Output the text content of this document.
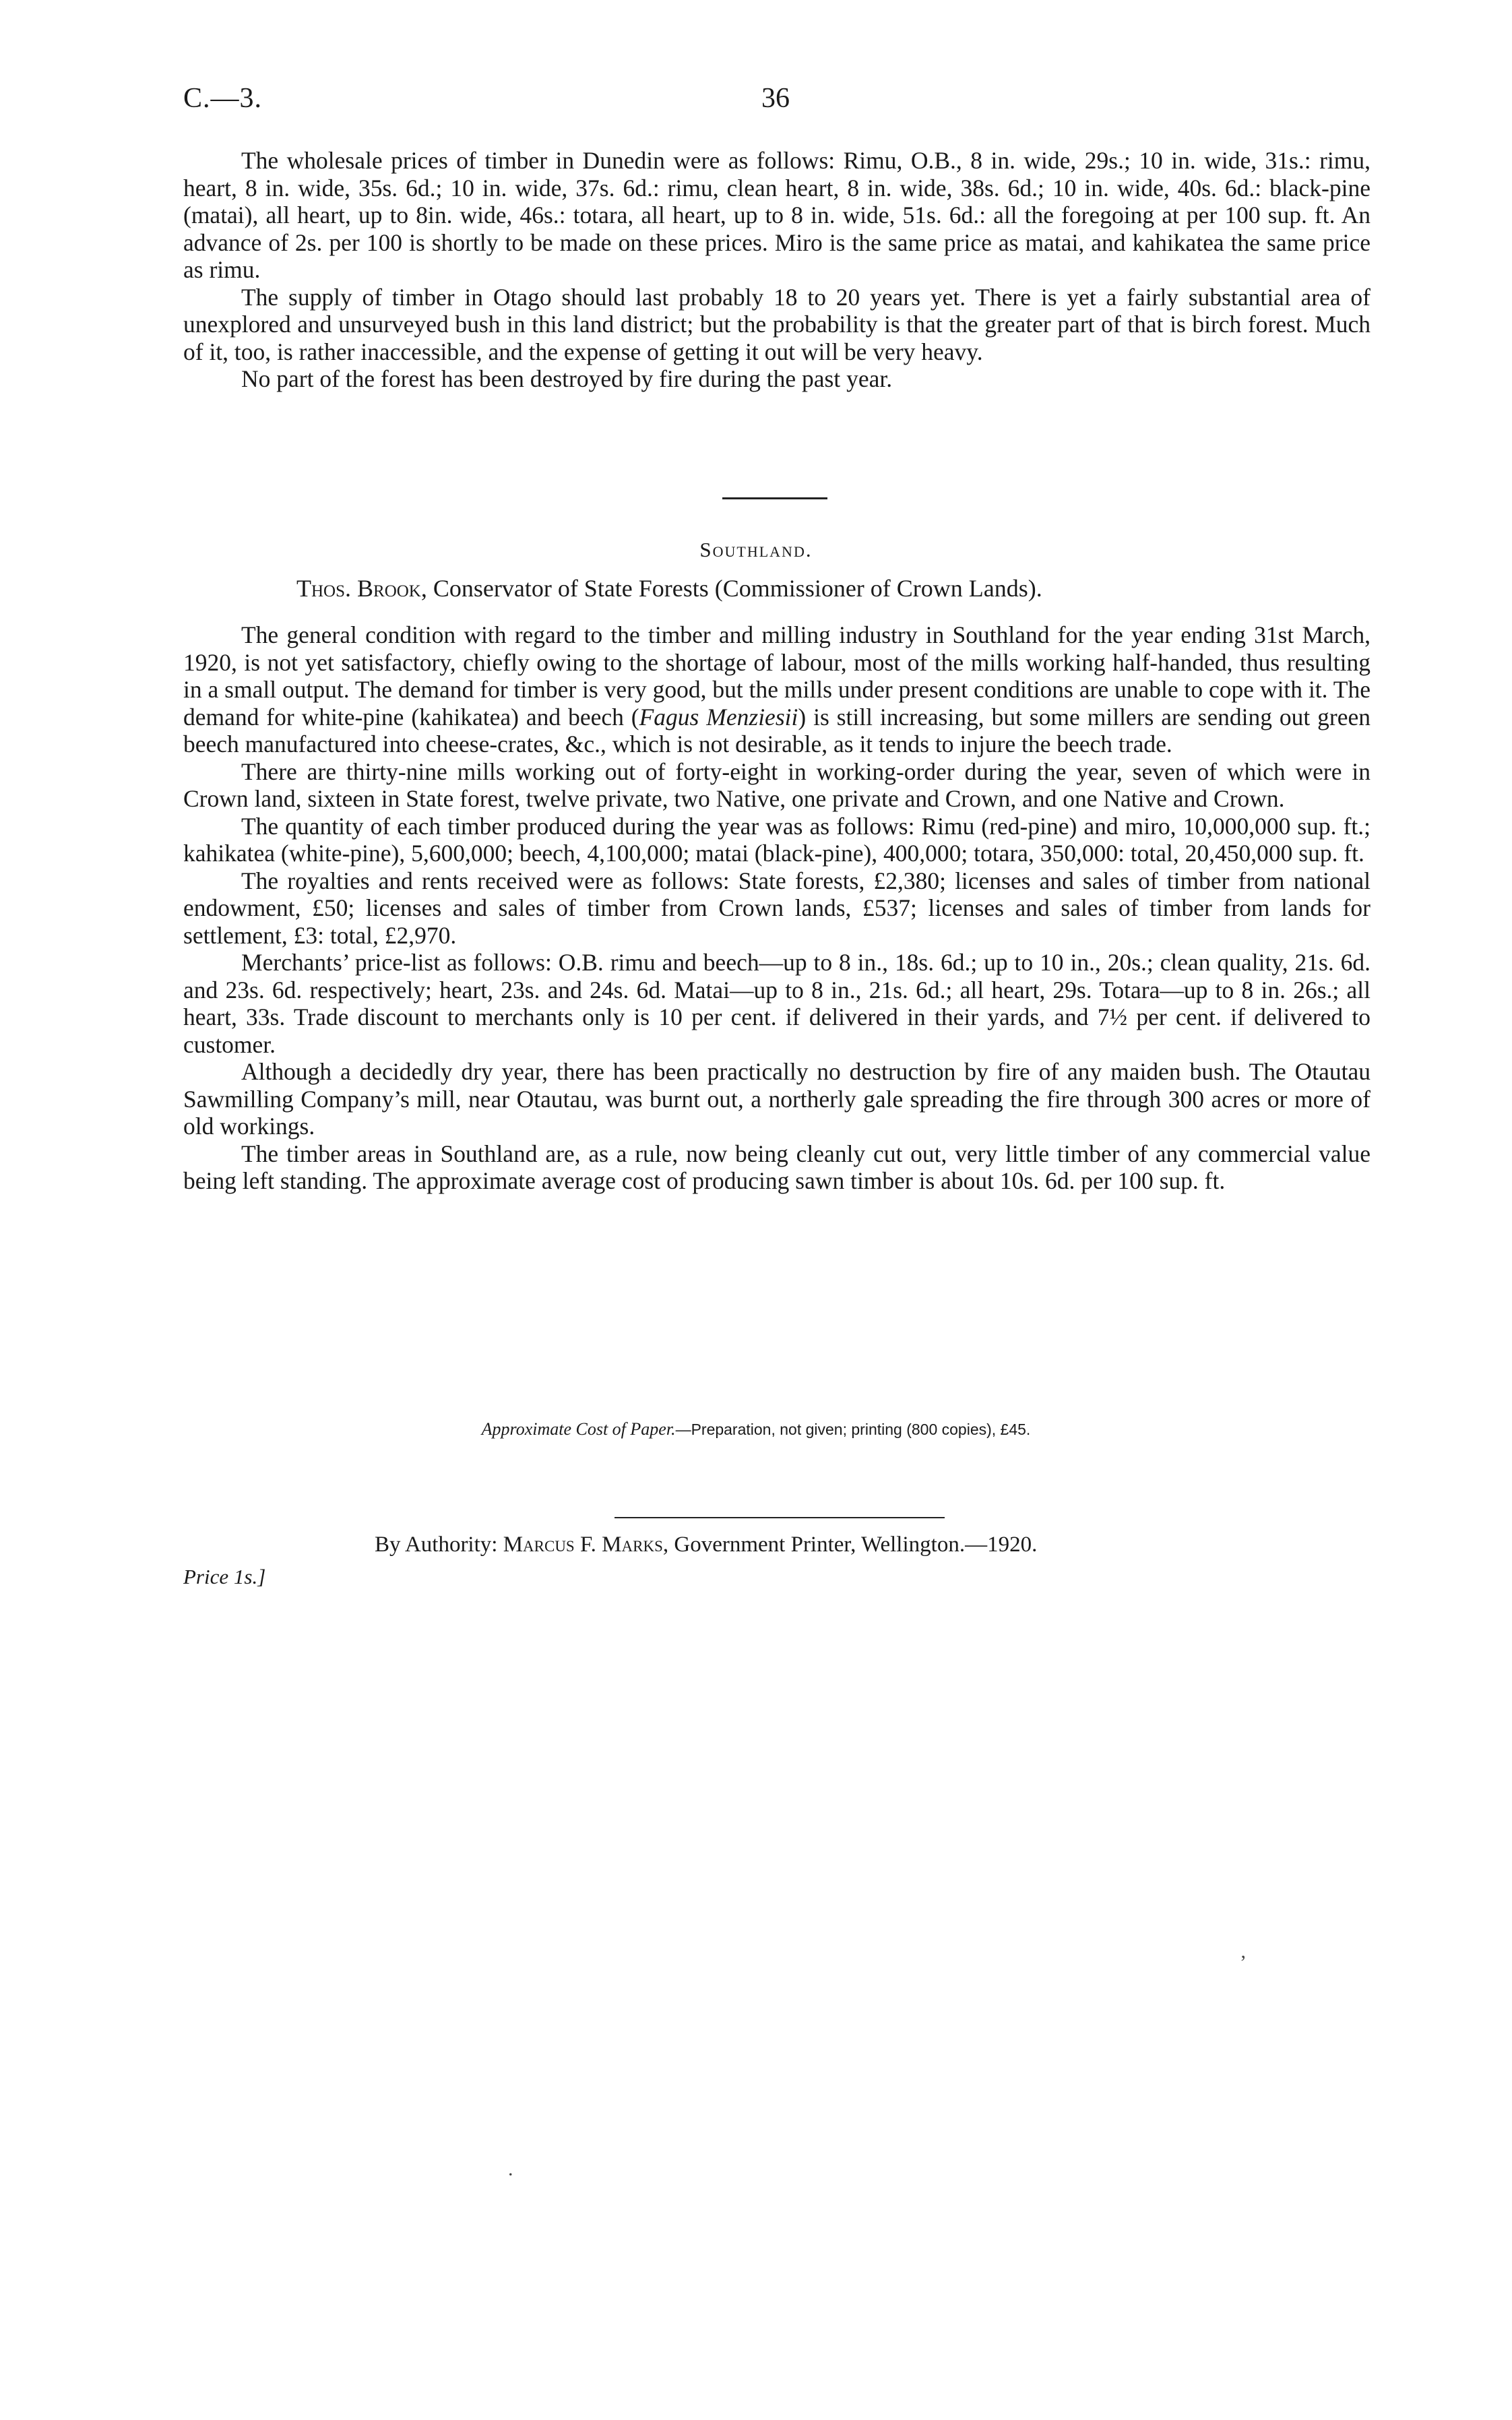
C.—3.	36

The wholesale prices of timber in Dunedin were as follows: Rimu, O.B., 8 in. wide, 29s.; 10 in. wide, 31s.: rimu, heart, 8 in. wide, 35s. 6d.; 10 in. wide, 37s. 6d.: rimu, clean heart, 8 in. wide, 38s. 6d.; 10 in. wide, 40s. 6d.: black-pine (matai), all heart, up to 8in. wide, 46s.: totara, all heart, up to 8 in. wide, 51s. 6d.: all the foregoing at per 100 sup. ft. An advance of 2s. per 100 is shortly to be made on these prices. Miro is the same price as matai, and kahikatea the same price as rimu.

The supply of timber in Otago should last probably 18 to 20 years yet. There is yet a fairly substantial area of unexplored and unsurveyed bush in this land district; but the probability is that the greater part of that is birch forest. Much of it, too, is rather inaccessible, and the expense of getting it out will be very heavy.

No part of the forest has been destroyed by fire during the past year.

Southland.
Thos. Brook, Conservator of State Forests (Commissioner of Crown Lands).

The general condition with regard to the timber and milling industry in Southland for the year ending 31st March, 1920, is not yet satisfactory, chiefly owing to the shortage of labour, most of the mills working half-handed, thus resulting in a small output. The demand for timber is very good, but the mills under present conditions are unable to cope with it. The demand for white-pine (kahikatea) and beech (Fagus Menziesii) is still increasing, but some millers are sending out green beech manufactured into cheese-crates, &c., which is not desirable, as it tends to injure the beech trade.

There are thirty-nine mills working out of forty-eight in working-order during the year, seven of which were in Crown land, sixteen in State forest, twelve private, two Native, one private and Crown, and one Native and Crown.

The quantity of each timber produced during the year was as follows: Rimu (red-pine) and miro, 10,000,000 sup. ft.; kahikatea (white-pine), 5,600,000; beech, 4,100,000; matai (black-pine), 400,000; totara, 350,000: total, 20,450,000 sup. ft.

The royalties and rents received were as follows: State forests, £2,380; licenses and sales of timber from national endowment, £50; licenses and sales of timber from Crown lands, £537; licenses and sales of timber from lands for settlement, £3: total, £2,970.

Merchants’ price-list as follows: O.B. rimu and beech—up to 8 in., 18s. 6d.; up to 10 in., 20s.; clean quality, 21s. 6d. and 23s. 6d. respectively; heart, 23s. and 24s. 6d. Matai—up to 8 in., 21s. 6d.; all heart, 29s. Totara—up to 8 in. 26s.; all heart, 33s. Trade discount to merchants only is 10 per cent. if delivered in their yards, and 7½ per cent. if delivered to customer.

Although a decidedly dry year, there has been practically no destruction by fire of any maiden bush. The Otautau Sawmilling Company’s mill, near Otautau, was burnt out, a northerly gale spreading the fire through 300 acres or more of old workings.

The timber areas in Southland are, as a rule, now being cleanly cut out, very little timber of any commercial value being left standing. The approximate average cost of producing sawn timber is about 10s. 6d. per 100 sup. ft.

Approximate Cost of Paper.—Preparation, not given; printing (800 copies), £45.
By Authority: Marcus F. Marks, Government Printer, Wellington.—1920.
Price 1s.]
ʼ
.
